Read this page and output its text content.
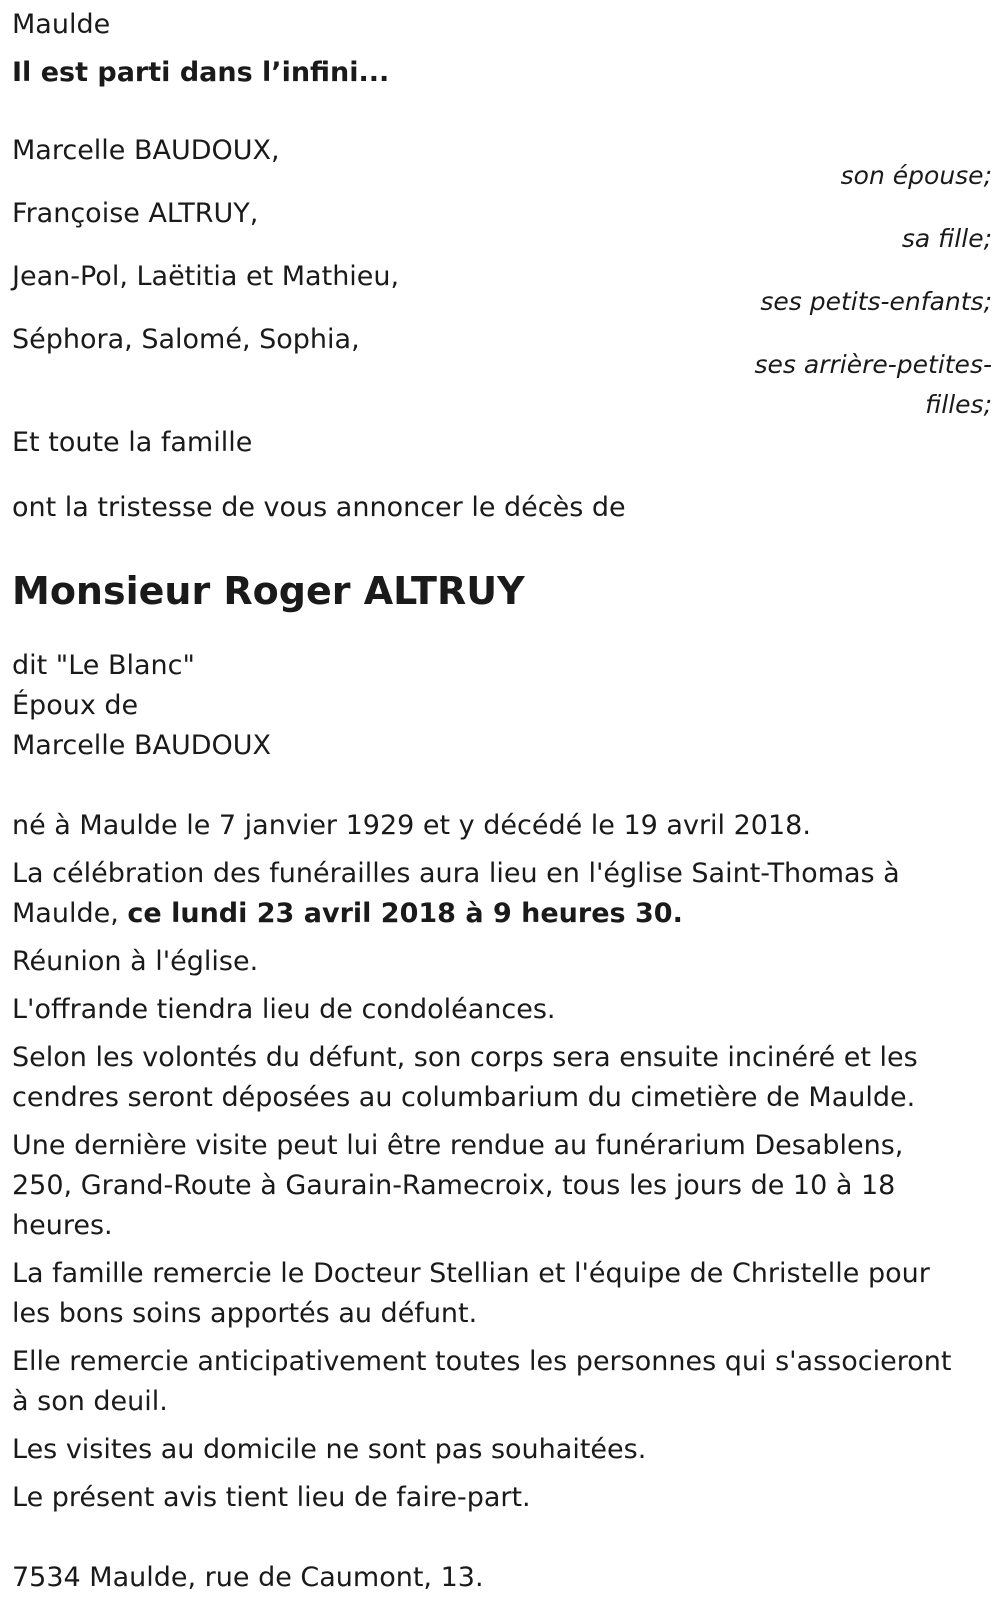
Maulde
Il est parti dans l’infini...
Marcelle BAUDOUX,
son épouse;
Françoise ALTRUY,
sa fille;
Jean-Pol, Laëtitia et Mathieu,
ses petits-enfants;
Séphora, Salomé, Sophia,
ses arrière-petites-filles;
Et toute la famille
ont la tristesse de vous annoncer le décès de
Monsieur Roger ALTRUY
dit "Le Blanc"
Époux de
Marcelle BAUDOUX
né à Maulde le 7 janvier 1929 et y décédé le 19 avril 2018.
La célébration des funérailles aura lieu en l'église Saint-Thomas à Maulde, ce lundi 23 avril 2018 à 9 heures 30.
Réunion à l'église.
L'offrande tiendra lieu de condoléances.
Selon les volontés du défunt, son corps sera ensuite incinéré et les cendres seront déposées au columbarium du cimetière de Maulde.
Une dernière visite peut lui être rendue au funérarium Desablens, 250, Grand-Route à Gaurain-Ramecroix, tous les jours de 10 à 18 heures.
La famille remercie le Docteur Stellian et l'équipe de Christelle pour les bons soins apportés au défunt.
Elle remercie anticipativement toutes les personnes qui s'associeront à son deuil.
Les visites au domicile ne sont pas souhaitées.
Le présent avis tient lieu de faire-part.
7534 Maulde, rue de Caumont, 13.
